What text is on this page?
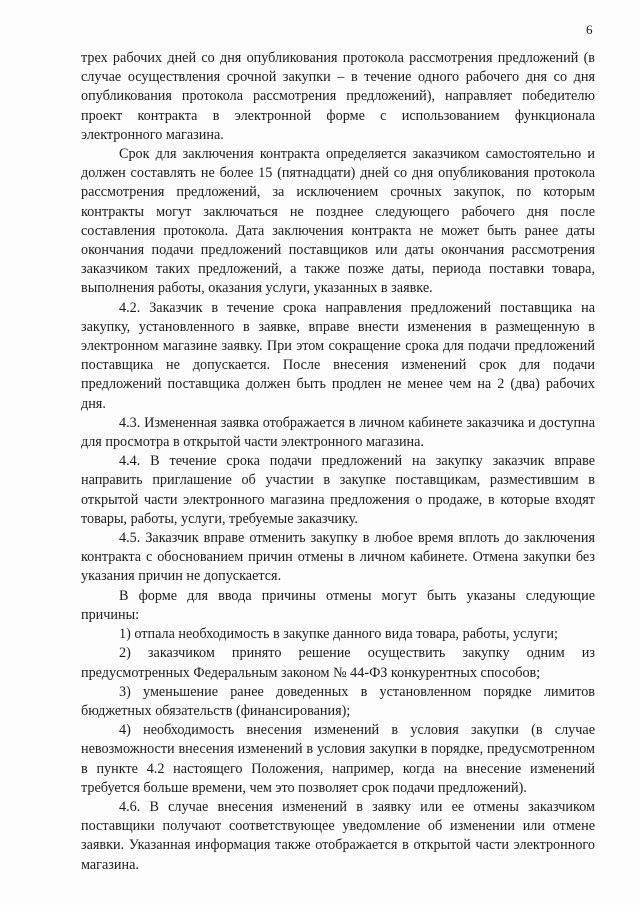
6

трех рабочих дней со дня опубликования протокола рассмотрения предложений (в случае осуществления срочной закупки – в течение одного рабочего дня со дня опубликования протокола рассмотрения предложений), направляет победителю проект контракта в электронной форме с использованием функционала электронного магазина.

Срок для заключения контракта определяется заказчиком самостоятельно и должен составлять не более 15 (пятнадцати) дней со дня опубликования протокола рассмотрения предложений, за исключением срочных закупок, по которым контракты могут заключаться не позднее следующего рабочего дня после составления протокола. Дата заключения контракта не может быть ранее даты окончания подачи предложений поставщиков или даты окончания рассмотрения заказчиком таких предложений, а также позже даты, периода поставки товара, выполнения работы, оказания услуги, указанных в заявке.

4.2. Заказчик в течение срока направления предложений поставщика на закупку, установленного в заявке, вправе внести изменения в размещенную в электронном магазине заявку. При этом сокращение срока для подачи предложений поставщика не допускается. После внесения изменений срок для подачи предложений поставщика должен быть продлен не менее чем на 2 (два) рабочих дня.

4.3. Измененная заявка отображается в личном кабинете заказчика и доступна для просмотра в открытой части электронного магазина.

4.4. В течение срока подачи предложений на закупку заказчик вправе направить приглашение об участии в закупке поставщикам, разместившим в открытой части электронного магазина предложения о продаже, в которые входят товары, работы, услуги, требуемые заказчику.

4.5. Заказчик вправе отменить закупку в любое время вплоть до заключения контракта с обоснованием причин отмены в личном кабинете. Отмена закупки без указания причин не допускается.

В форме для ввода причины отмены могут быть указаны следующие причины:

1) отпала необходимость в закупке данного вида товара, работы, услуги;

2) заказчиком принято решение осуществить закупку одним из предусмотренных Федеральным законом № 44-ФЗ конкурентных способов;

3) уменьшение ранее доведенных в установленном порядке лимитов бюджетных обязательств (финансирования);

4) необходимость внесения изменений в условия закупки (в случае невозможности внесения изменений в условия закупки в порядке, предусмотренном в пункте 4.2 настоящего Положения, например, когда на внесение изменений требуется больше времени, чем это позволяет срок подачи предложений).

4.6. В случае внесения изменений в заявку или ее отмены заказчиком поставщики получают соответствующее уведомление об изменении или отмене заявки. Указанная информация также отображается в открытой части электронного магазина.
